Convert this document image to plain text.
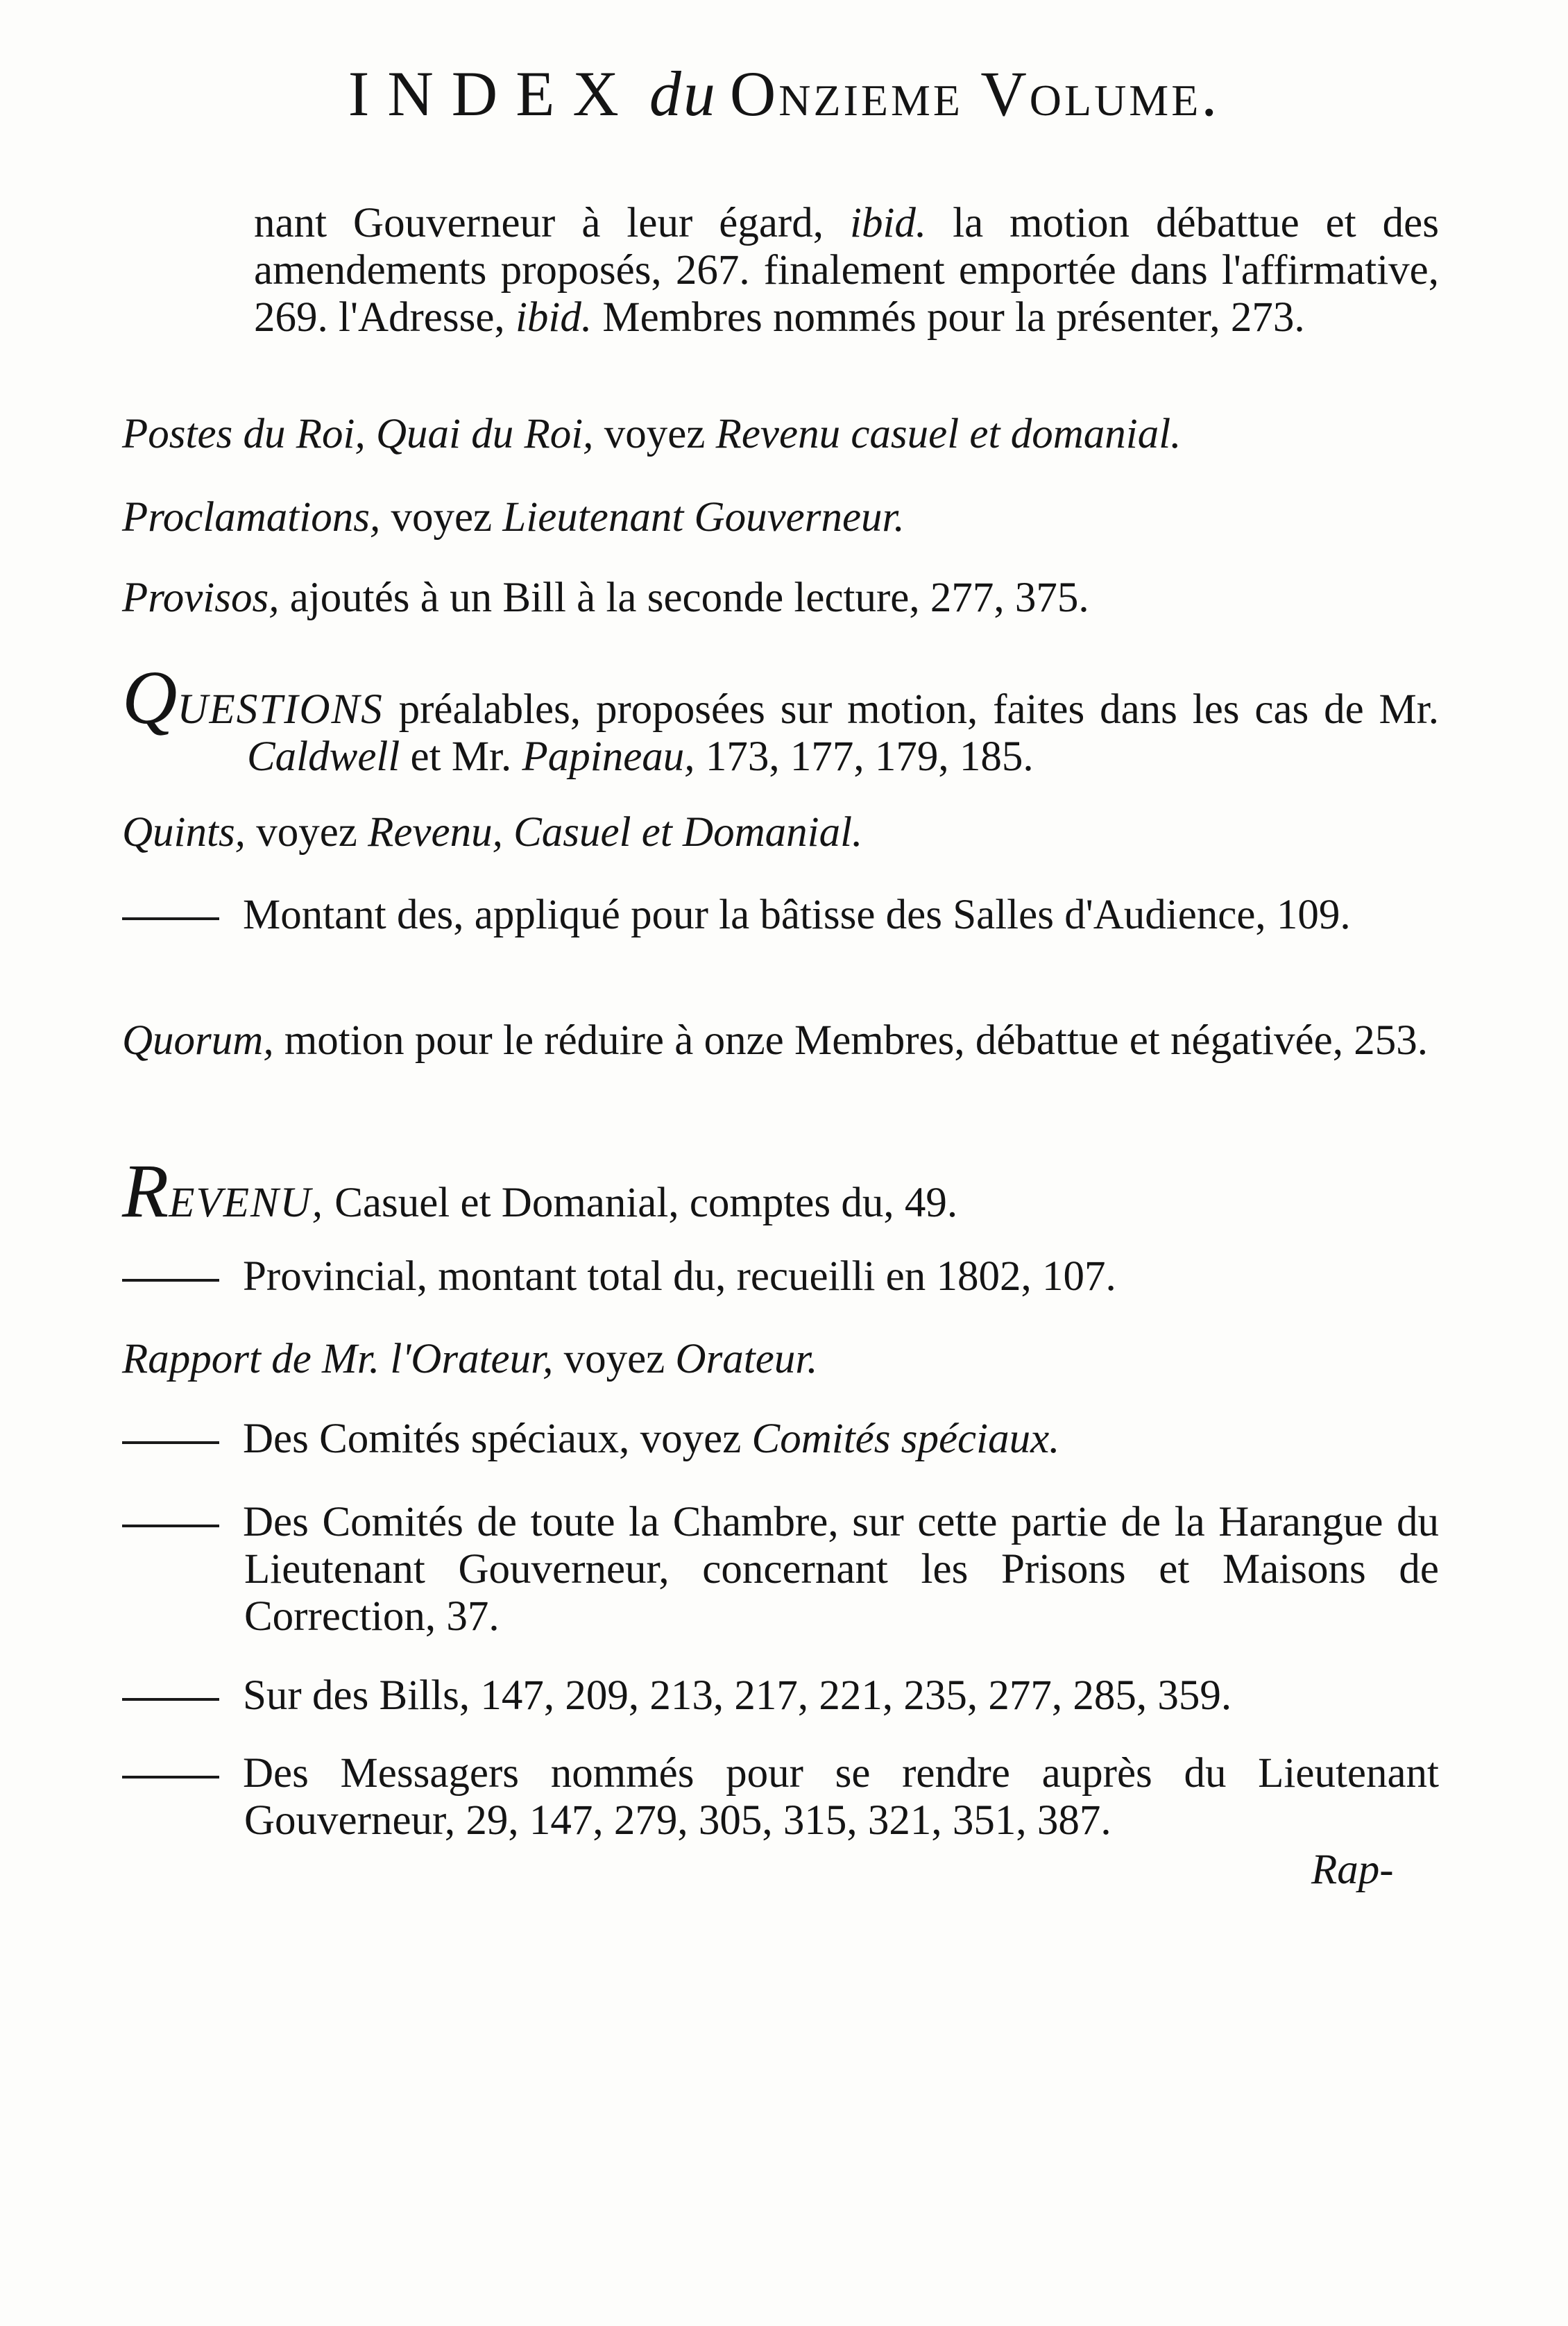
INDEX du Onzieme Volume.

nant Gouverneur à leur égard, ibid. la motion débattue et des amendements proposés, 267. finalement emportée dans l'affirmative, 269. l'Adresse, ibid. Membres nommés pour la présenter, 273.

Postes du Roi, Quai du Roi, voyez Revenu casuel et domanial.

Proclamations, voyez Lieutenant Gouverneur.

Provisos, ajoutés à un Bill à la seconde lecture, 277, 375.

QUESTIONS préalables, proposées sur motion, faites dans les cas de Mr. Caldwell et Mr. Papineau, 173, 177, 179, 185.

Quints, voyez Revenu, Casuel et Domanial.

Montant des, appliqué pour la bâtisse des Salles d'Audience, 109.

Quorum, motion pour le réduire à onze Membres, débattue et négativée, 253.

REVENU, Casuel et Domanial, comptes du, 49.

Provincial, montant total du, recueilli en 1802, 107.

Rapport de Mr. l'Orateur, voyez Orateur.

Des Comités spéciaux, voyez Comités spéciaux.

Des Comités de toute la Chambre, sur cette partie de la Harangue du Lieutenant Gouverneur, concernant les Prisons et Maisons de Correction, 37.

Sur des Bills, 147, 209, 213, 217, 221, 235, 277, 285, 359.

Des Messagers nommés pour se rendre auprès du Lieutenant Gouverneur, 29, 147, 279, 305, 315, 321, 351, 387.

Rap-
